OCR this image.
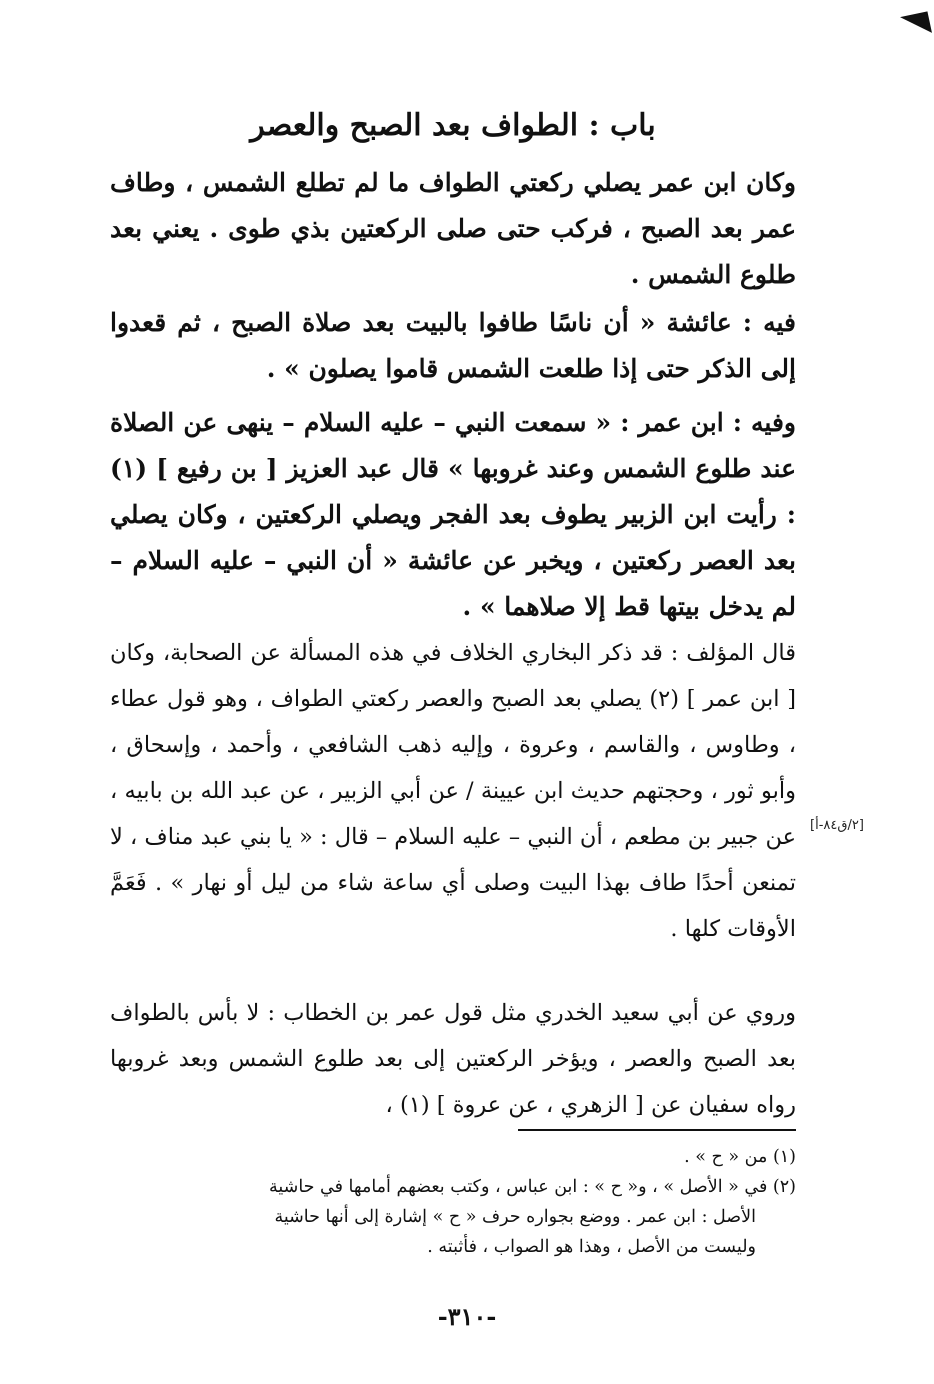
باب : الطواف بعد الصبح والعصر

وكان ابن عمر يصلي ركعتي الطواف ما لم تطلع الشمس ، وطاف عمر بعد الصبح ، فركب حتى صلى الركعتين بذي طوى . يعني بعد طلوع الشمس .

فيه : عائشة « أن ناسًا طافوا بالبيت بعد صلاة الصبح ، ثم قعدوا إلى الذكر حتى إذا طلعت الشمس قاموا يصلون » .

وفيه : ابن عمر : « سمعت النبي – عليه السلام – ينهى عن الصلاة عند طلوع الشمس وعند غروبها » قال عبد العزيز [ بن رفيع ] (١) : رأيت ابن الزبير يطوف بعد الفجر ويصلي الركعتين ، وكان يصلي بعد العصر ركعتين ، ويخبر عن عائشة « أن النبي – عليه السلام – لم يدخل بيتها قط إلا صلاهما » .

قال المؤلف : قد ذكر البخاري الخلاف في هذه المسألة عن الصحابة، وكان [ ابن عمر ] (٢) يصلي بعد الصبح والعصر ركعتي الطواف ، وهو قول عطاء ، وطاوس ، والقاسم ، وعروة ، وإليه ذهب الشافعي ، وأحمد ، وإسحاق ، وأبو ثور ، وحجتهم حديث ابن عيينة / عن أبي الزبير ، عن عبد الله بن بابيه ، عن جبير بن مطعم ، أن النبي – عليه السلام – قال : « يا بني عبد مناف ، لا تمنعن أحدًا طاف بهذا البيت وصلى أي ساعة شاء من ليل أو نهار » . فَعَمَّ الأوقات كلها .

[٢/ق٨٤-أ]

وروي عن أبي سعيد الخدري مثل قول عمر بن الخطاب : لا بأس بالطواف بعد الصبح والعصر ، ويؤخر الركعتين إلى بعد طلوع الشمس وبعد غروبها رواه سفيان عن [ الزهري ، عن عروة ] (١) ،

(١) من « ح » .

(٢) في « الأصل » ، و« ح » : ابن عباس ، وكتب بعضهم أمامها في حاشية

الأصل : ابن عمر . ووضع بجواره حرف « ح » إشارة إلى أنها حاشية

وليست من الأصل ، وهذا هو الصواب ، فأثبته .

-٣١٠-
